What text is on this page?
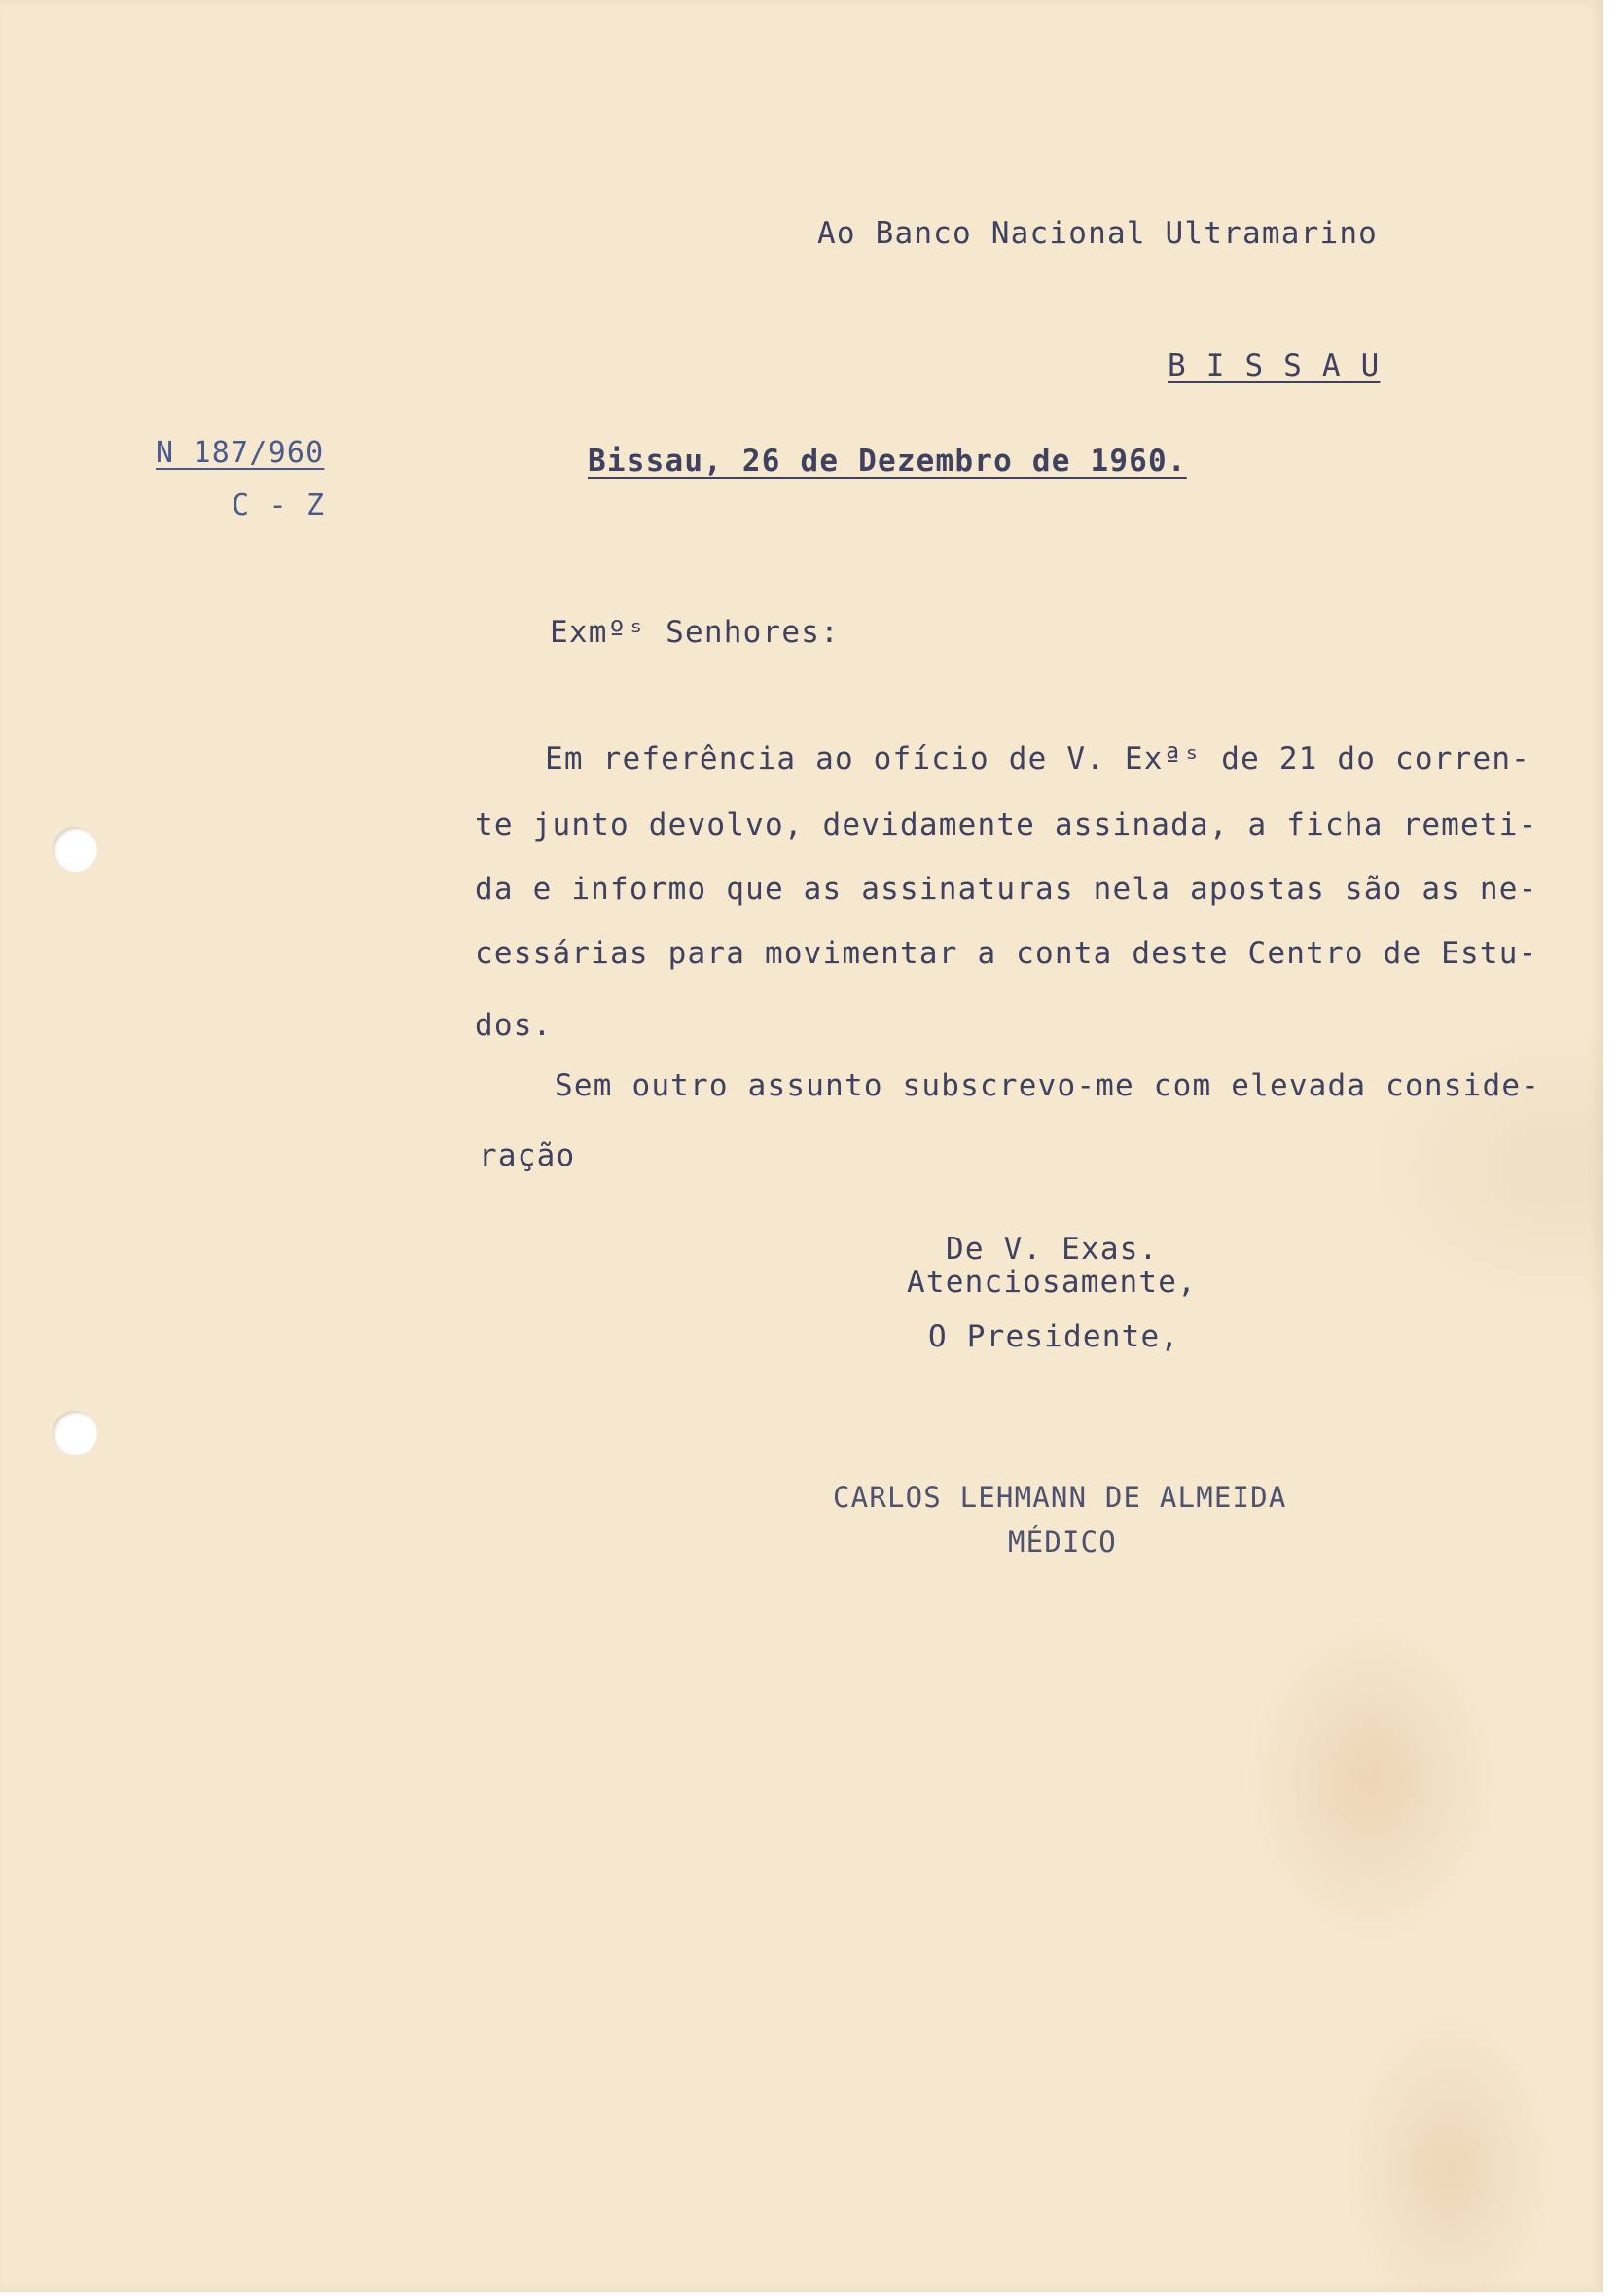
Ao Banco Nacional Ultramarino
B I S S A U
N 187/960
C - Z
Bissau, 26 de Dezembro de 1960.
Exmºˢ Senhores:
Em referência ao ofício de V. Exªˢ de 21 do corren-
te junto devolvo, devidamente assinada, a ficha remeti-
da e informo que as assinaturas nela apostas são as ne-
cessárias para movimentar a conta deste Centro de Estu-
dos.
Sem outro assunto subscrevo-me com elevada conside-
ração
De V. Exas.
Atenciosamente,
O Presidente,
CARLOS LEHMANN DE ALMEIDA
MÉDICO
